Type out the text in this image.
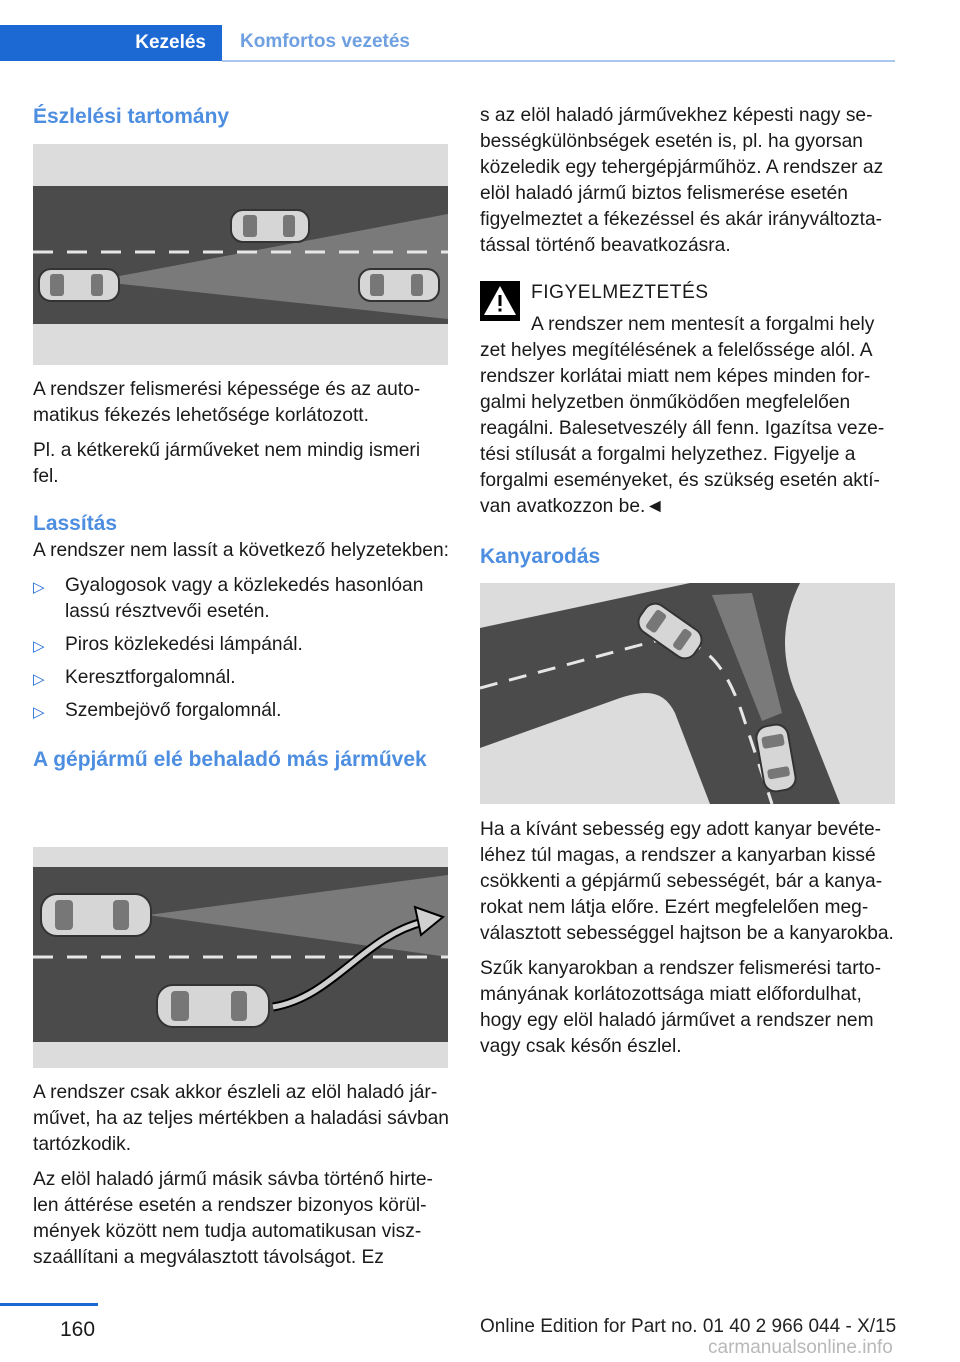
Kezelés	Komfortos vezetés
Észlelési tartomány

A rendszer felismerési képessége és az automatikus fékezés lehetősége korlátozott.

Pl. a kétkerekű járműveket nem mindig ismeri fel.

Lassítás

A rendszer nem lassít a következő helyzetekben:

▷ Gyalogosok vagy a közlekedés hasonlóan lassú résztvevői esetén.
▷ Piros közlekedési lámpánál.
▷ Keresztforgalomnál.
▷ Szembejövő forgalomnál.
A gépjármű elé behaladó más járművek

A rendszer csak akkor észleli az elöl haladó járművet, ha az teljes mértékben a haladási sávban tartózkodik.

Az elöl haladó jármű másik sávba történő hirtelen áttérése esetén a rendszer bizonyos körülmények között nem tudja automatikusan viszszaállítani a megválasztott távolságot. Ez

s az elöl haladó járművekhez képesti nagy sebességkülönbségek esetén is, pl. ha gyorsan közeledik egy tehergépjárműhöz. A rendszer az elöl haladó jármű biztos felismerése esetén figyelmeztet a fékezéssel és akár irányváltoztatással történő beavatkozásra.

FIGYELMEZTETÉS
A rendszer nem mentesít a forgalmi hely

zet helyes megítélésének a felelőssége alól. A rendszer korlátai miatt nem képes minden forgalmi helyzetben önműködően megfelelően reagálni. Balesetveszély áll fenn. Igazítsa vezetési stílusát a forgalmi helyzethez. Figyelje a forgalmi eseményeket, és szükség esetén aktívan avatkozzon be.◄

Kanyarodás

Ha a kívánt sebesség egy adott kanyar bevételéhez túl magas, a rendszer a kanyarban kissé csökkenti a gépjármű sebességét, bár a kanyarokat nem látja előre. Ezért megfelelően megválasztott sebességgel hajtson be a kanyarokba.

Szűk kanyarokban a rendszer felismerési tartományának korlátozottsága miatt előfordulhat, hogy egy elöl haladó járművet a rendszer nem vagy csak későn észlel.

160	Online Edition for Part no. 01 40 2 966 044 - X/15
carmanualsonline.info
